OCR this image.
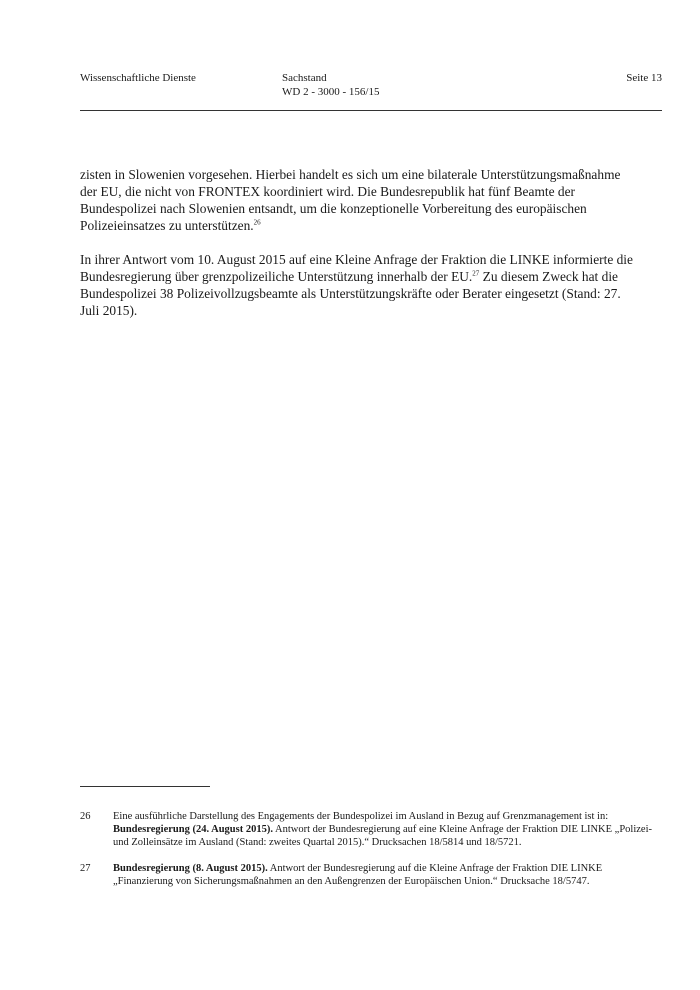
Wissenschaftliche Dienste	Sachstand
WD 2 - 3000 - 156/15
Seite 13

zisten in Slowenien vorgesehen. Hierbei handelt es sich um eine bilaterale Unterstützungsmaßnahme der EU, die nicht von FRONTEX koordiniert wird. Die Bundesrepublik hat fünf Beamte der Bundespolizei nach Slowenien entsandt, um die konzeptionelle Vorbereitung des europäischen Polizeieinsatzes zu unterstützen.$^{26}$

In ihrer Antwort vom 10. August 2015 auf eine Kleine Anfrage der Fraktion die LINKE informierte die Bundesregierung über grenzpolizeiliche Unterstützung innerhalb der EU.$^{27}$ Zu diesem Zweck hat die Bundespolizei 38 Polizeivollzugsbeamte als Unterstützungskräfte oder Berater eingesetzt (Stand: 27. Juli 2015).

26 Eine ausführliche Darstellung des Engagements der Bundespolizei im Ausland in Bezug auf Grenzmanagement ist in: Bundesregierung (24. August 2015). Antwort der Bundesregierung auf eine Kleine Anfrage der Fraktion DIE LINKE „Polizei- und Zolleinsätze im Ausland (Stand: zweites Quartal 2015).“ Drucksachen 18/5814 und 18/5721.
27 Bundesregierung (8. August 2015). Antwort der Bundesregierung auf die Kleine Anfrage der Fraktion DIE LINKE „Finanzierung von Sicherungsmaßnahmen an den Außengrenzen der Europäischen Union.“ Drucksache 18/5747.
